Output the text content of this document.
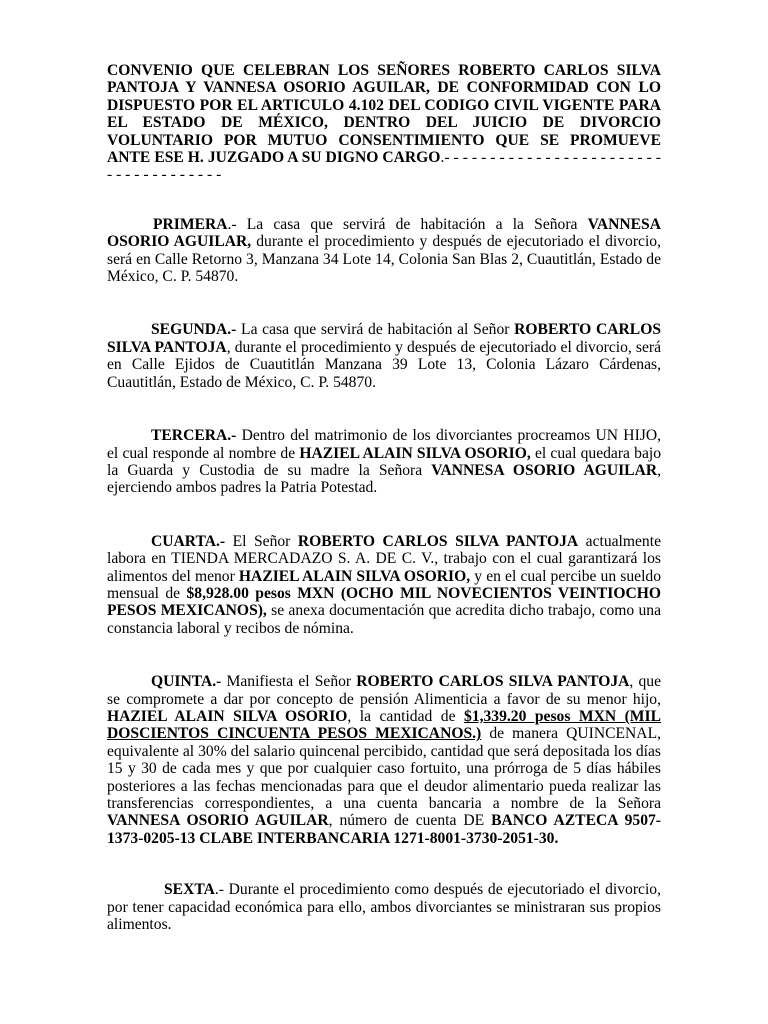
CONVENIO QUE CELEBRAN LOS SEÑORES ROBERTO CARLOS SILVA PANTOJA Y VANNESA OSORIO AGUILAR, DE CONFORMIDAD CON LO DISPUESTO POR EL ARTICULO 4.102 DEL CODIGO CIVIL VIGENTE PARA EL ESTADO DE MÉXICO, DENTRO DEL JUICIO DE DIVORCIO VOLUNTARIO POR MUTUO CONSENTIMIENTO QUE SE PROMUEVE ANTE ESE H. JUZGADO A SU DIGNO CARGO.- - - - - - - - - - - - - - - - - - - - - - - - - - - - - - - - - - - - -

PRIMERA.- La casa que servirá de habitación a la Señora VANNESA OSORIO AGUILAR, durante el procedimiento y después de ejecutoriado el divorcio, será en Calle Retorno 3, Manzana 34 Lote 14, Colonia San Blas 2, Cuautitlán, Estado de México, C. P. 54870.

SEGUNDA.- La casa que servirá de habitación al Señor ROBERTO CARLOS SILVA PANTOJA, durante el procedimiento y después de ejecutoriado el divorcio, será en Calle Ejidos de Cuautitlán Manzana 39 Lote 13, Colonia Lázaro Cárdenas, Cuautitlán, Estado de México, C. P. 54870.

TERCERA.- Dentro del matrimonio de los divorciantes procreamos UN HIJO, el cual responde al nombre de HAZIEL ALAIN SILVA OSORIO, el cual quedara bajo la Guarda y Custodia de su madre la Señora VANNESA OSORIO AGUILAR, ejerciendo ambos padres la Patria Potestad.

CUARTA.- El Señor ROBERTO CARLOS SILVA PANTOJA actualmente labora en TIENDA MERCADAZO S. A. DE C. V., trabajo con el cual garantizará los alimentos del menor HAZIEL ALAIN SILVA OSORIO, y en el cual percibe un sueldo mensual de $8,928.00 pesos MXN (OCHO MIL NOVECIENTOS VEINTIOCHO PESOS MEXICANOS), se anexa documentación que acredita dicho trabajo, como una constancia laboral y recibos de nómina.

QUINTA.- Manifiesta el Señor ROBERTO CARLOS SILVA PANTOJA, que se compromete a dar por concepto de pensión Alimenticia a favor de su menor hijo, HAZIEL ALAIN SILVA OSORIO, la cantidad de $1,339.20 pesos MXN (MIL DOSCIENTOS CINCUENTA PESOS MEXICANOS.) de manera QUINCENAL, equivalente al 30% del salario quincenal percibido, cantidad que será depositada los días 15 y 30 de cada mes y que por cualquier caso fortuito, una prórroga de 5 días hábiles posteriores a las fechas mencionadas para que el deudor alimentario pueda realizar las transferencias correspondientes, a una cuenta bancaria a nombre de la Señora VANNESA OSORIO AGUILAR, número de cuenta DE BANCO AZTECA 9507-1373-0205-13 CLABE INTERBANCARIA 1271-8001-3730-2051-30.

SEXTA.- Durante el procedimiento como después de ejecutoriado el divorcio, por tener capacidad económica para ello, ambos divorciantes se ministraran sus propios alimentos.
